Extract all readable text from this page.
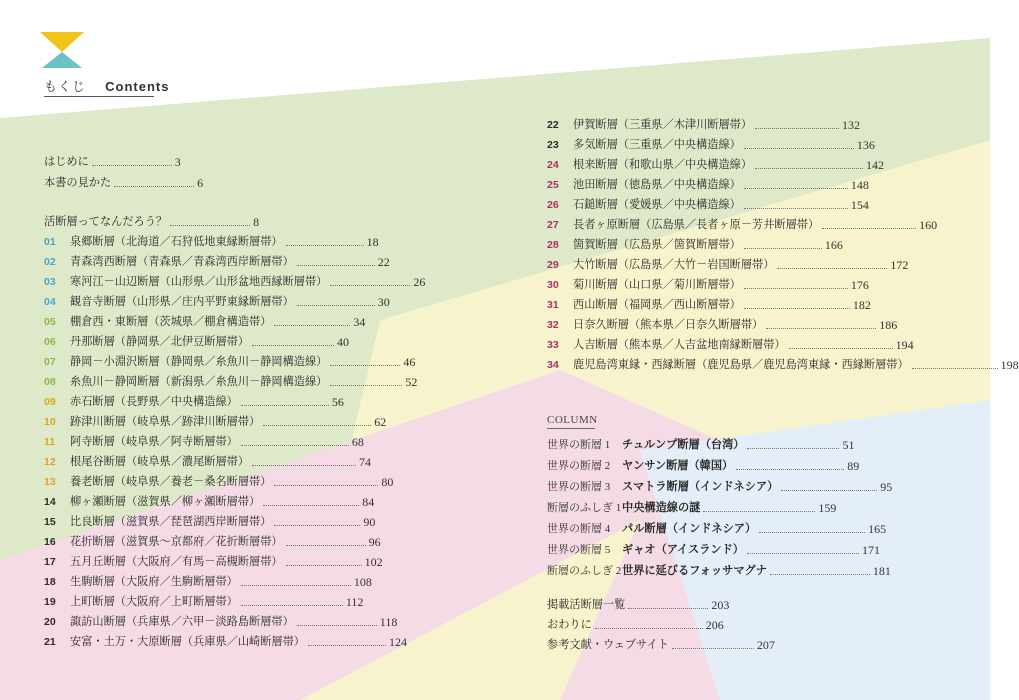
もくじ Contents
はじめに	3
本書の見かた	6
活断層ってなんだろう？	8
01	泉郷断層（北海道／石狩低地東縁断層帯）	18
02	青森湾西断層（青森県／青森湾西岸断層帯）	22
03	寒河江－山辺断層（山形県／山形盆地西縁断層帯）	26
04	観音寺断層（山形県／庄内平野東縁断層帯）	30
05	棚倉西・東断層（茨城県／棚倉構造帯）	34
06	丹那断層（静岡県／北伊豆断層帯）	40
07	静岡－小淵沢断層（静岡県／糸魚川－静岡構造線）	46
08	糸魚川－静岡断層（新潟県／糸魚川－静岡構造線）	52
09	赤石断層（長野県／中央構造線）	56
10	跡津川断層（岐阜県／跡津川断層帯）	62
11	阿寺断層（岐阜県／阿寺断層帯）	68
12	根尾谷断層（岐阜県／濃尾断層帯）	74
13	養老断層（岐阜県／養老－桑名断層帯）	80
14	柳ヶ瀬断層（滋賀県／柳ヶ瀬断層帯）	84
15	比良断層（滋賀県／琵琶湖西岸断層帯）	90
16	花折断層（滋賀県～京都府／花折断層帯）	96
17	五月丘断層（大阪府／有馬－高槻断層帯）	102
18	生駒断層（大阪府／生駒断層帯）	108
19	上町断層（大阪府／上町断層帯）	112
20	諏訪山断層（兵庫県／六甲－淡路島断層帯）	118
21	安富・土万・大原断層（兵庫県／山崎断層帯）	124
22	伊賀断層（三重県／木津川断層帯）	132
23	多気断層（三重県／中央構造線）	136
24	根来断層（和歌山県／中央構造線）	142
25	池田断層（徳島県／中央構造線）	148
26	石鎚断層（愛媛県／中央構造線）	154
27	長者ヶ原断層（広島県／長者ヶ原－芳井断層帯）	160
28	箇賀断層（広島県／箇賀断層帯）	166
29	大竹断層（広島県／大竹－岩国断層帯）	172
30	菊川断層（山口県／菊川断層帯）	176
31	西山断層（福岡県／西山断層帯）	182
32	日奈久断層（熊本県／日奈久断層帯）	186
33	人吉断層（熊本県／人吉盆地南縁断層帯）	194
34	鹿児島湾東縁・西縁断層（鹿児島県／鹿児島湾東縁・西縁断層帯）	198
COLUMN
世界の断層 1	チュルンプ断層（台湾）	51
世界の断層 2	ヤンサン断層（韓国）	89
世界の断層 3	スマトラ断層（インドネシア）	95
断層のふしぎ 1 中央構造線の謎	159
世界の断層 4	パル断層（インドネシア）	165
世界の断層 5	ギャオ（アイスランド）	171
断層のふしぎ 2 世界に延びるフォッサマグナ	181
掲載活断層一覧	203
おわりに	206
参考文献・ウェブサイト	207
